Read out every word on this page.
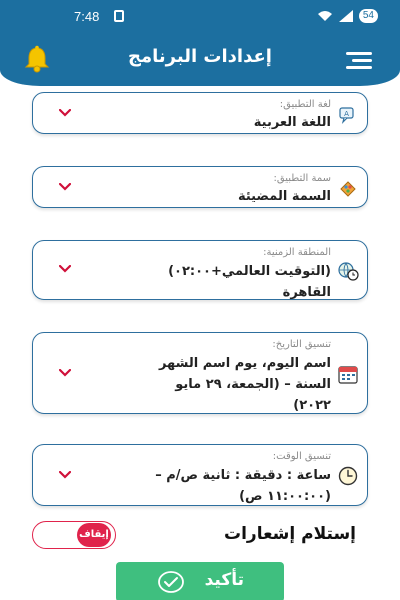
7:48	54
إعدادات البرنامج
لغة التطبيق:
اللغة العربية
A
سمة التطبيق:
السمة المضيئة
المنطقة الزمنية:
(التوقيت العالمي+٠٢:٠٠)
القاهرة
تنسيق التاريخ:
اسم اليوم، يوم اسم الشهر
السنة – (الجمعة، ٢٩ مايو
٢٠٢٢)
تنسيق الوقت:
ساعة : دقيقة : ثانية ص/م –
(١١:٠٠:٠٠ ص)
إستلام إشعارات
إيقاف
تأكيد
